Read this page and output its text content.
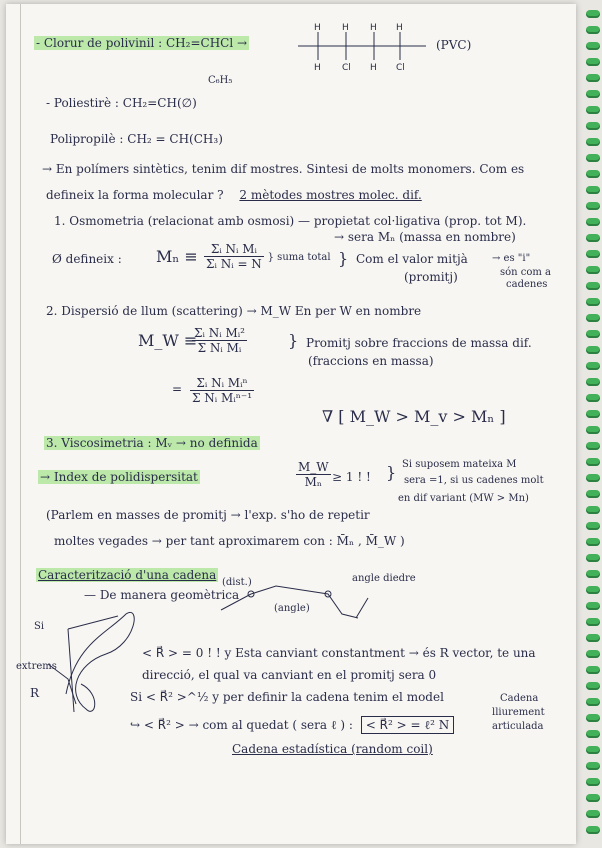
- Clorur de polivinil : CH₂=CHCl →
H H H H
H Cl H Cl
(PVC)
C₆H₅
- Poliestirè : CH₂=CH(∅)
Polipropilè : CH₂ = CH(CH₃)
→ En polímers sintètics, tenim dif mostres. Sintesi de molts monomers. Com es
defineix la forma molecular ? 2 mètodes mostres molec. dif.
1. Osmometria (relacionat amb osmosi) — propietat col·ligativa (prop. tot M).
→ sera Mₙ (massa en nombre)
Ø defineix : $M_n \equiv \frac{\text{Σᵢ Nᵢ Mᵢ}}{\text{Σᵢ Nᵢ = N}}$ } suma total } Com el valor mitjà
(promitj)
→ es "i"
són com a
cadenes
2. Dispersió de llum (scattering) → M_W En per W en nombre
M_W ≡
$\frac{\text{Σᵢ Nᵢ Mᵢ²}}{\text{Σ Nᵢ Mᵢ}}$	} Promitj sobre fraccions de massa dif.
(fraccions en massa)
= $\frac{\text{Σᵢ Nᵢ Mᵢⁿ}}{\text{Σ Nᵢ Mᵢⁿ⁻¹}}$
∇ [ M_W > M_v > Mₙ ]
3. Viscosimetria : Mᵥ → no definida
→ Index de polidispersitat	$\frac{M\_W}{\text{Mₙ}} \ge 1$ ! ! } Si suposem mateixa M
sera =1, si us cadenes molt
en dif variant (MW > Mn)
(Parlem en masses de promitj → l'exp. s'ho de repetir
moltes vegades → per tant aproximarem con : M̄ₙ , M̄_W )
Caracterització d'una cadena
— De manera geomètrica
(dist.)	angle diedre
(angle)
Si
extrems
R
< R⃗ > = 0 ! ! y Esta canviant constantment → és R vector, te una
direcció, el qual va canviant en el promitj sera 0
Si < R⃗² >^½ y per definir la cadena tenim el model
↪ < R⃗² > → com al quedat ( sera ℓ ) : < R⃗² > = ℓ² N
Cadena
lliurement
articulada
Cadena estadística (random coil)
